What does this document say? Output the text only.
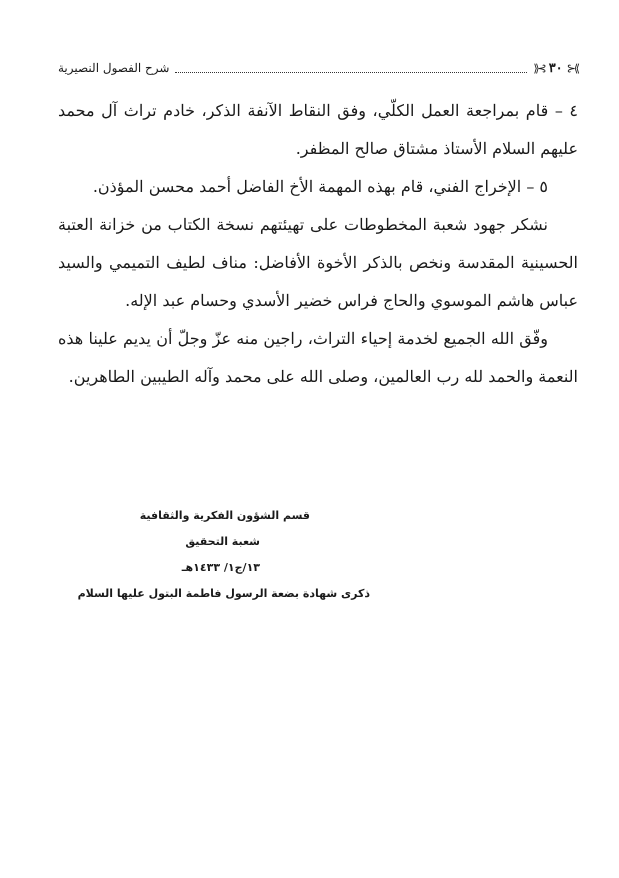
⟫⊰
٣٠
⊱⟪
شرح الفصول النصيرية

٤ – قام بمراجعة العمل الكلّي، وفق النقاط الآنفة الذكر، خادم تراث آل محمد عليهم السلام الأستاذ مشتاق صالح المظفر.

٥ – الإخراج الفني، قام بهذه المهمة الأخ الفاضل أحمد محسن المؤذن.

نشكر جهود شعبة المخطوطات على تهيئتهم نسخة الكتاب من خزانة العتبة الحسينية المقدسة ونخص بالذكر الأخوة الأفاضل: مناف لطيف التميمي والسيد عباس هاشم الموسوي والحاج فراس خضير الأسدي وحسام عبد الإله.

وفّق الله الجميع لخدمة إحياء التراث، راجين منه عزّ وجلّ أن يديم علينا هذه النعمة والحمد لله رب العالمين، وصلى الله على محمد وآله الطيبين الطاهرين.

قسم الشؤون الفكرية والثقافية
شعبة التحقيق
١٣/ج١/ ١٤٣٣هـ
ذكرى شهادة بضعة الرسول فاطمة البتول عليها السلام
